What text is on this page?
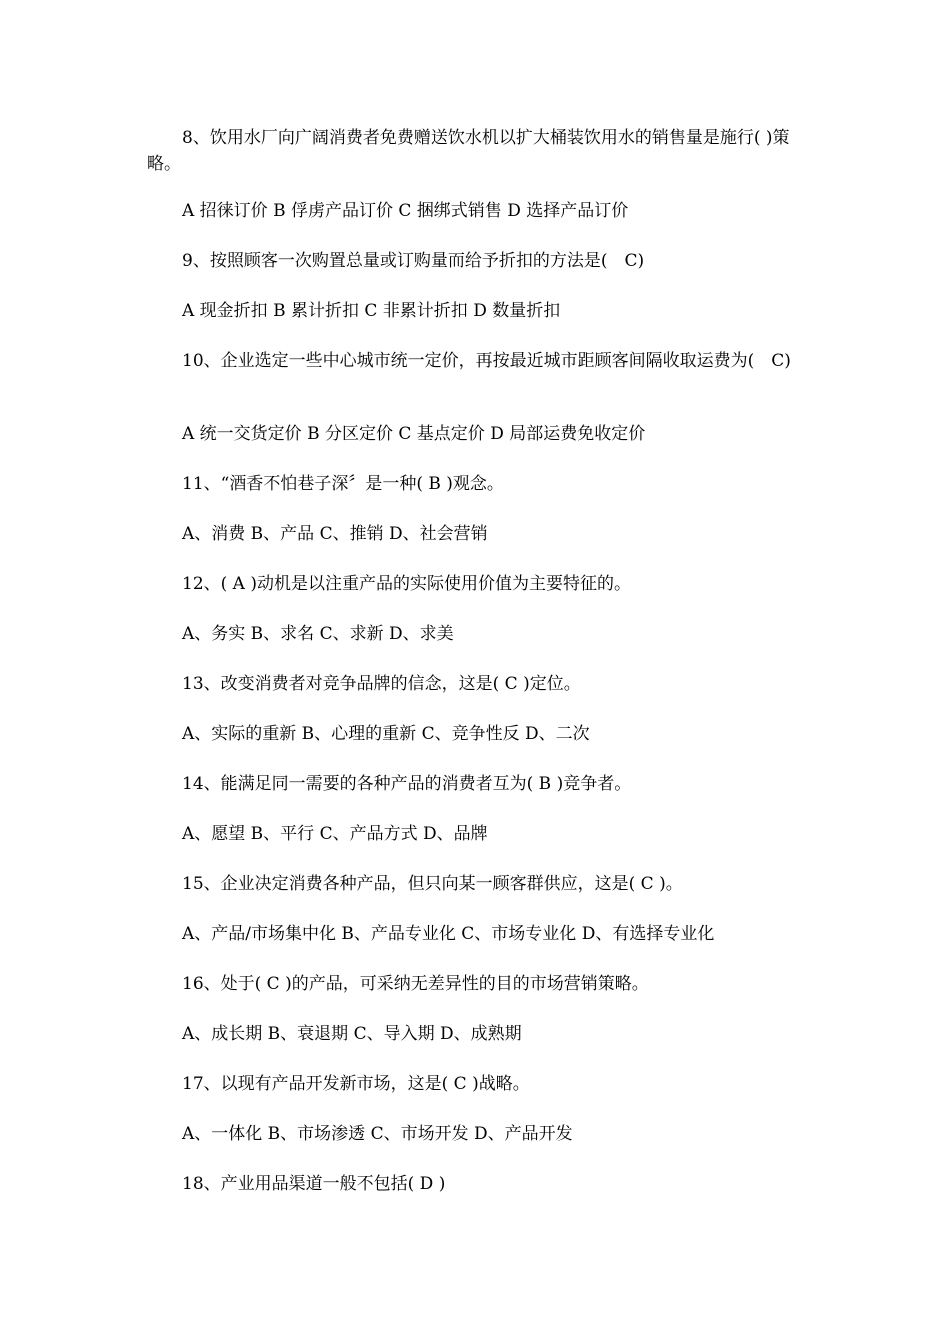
8、饮用水厂向广阔消费者免费赠送饮水机以扩大桶装饮用水的销售量是施行( )策略。

A 招徕订价 B 俘虏产品订价 C 捆绑式销售 D 选择产品订价

9、按照顾客一次购置总量或订购量而给予折扣的方法是(　C)

A 现金折扣 B 累计折扣 C 非累计折扣 D 数量折扣

10、企业选定一些中心城市统一定价，再按最近城市距顾客间隔收取运费为(　C)

A 统一交货定价 B 分区定价 C 基点定价 D 局部运费免收定价

11、“酒香不怕巷子深〞是一种( B )观念。

A、消费 B、产品 C、推销 D、社会营销

12、( A )动机是以注重产品的实际使用价值为主要特征的。

A、务实 B、求名 C、求新 D、求美

13、改变消费者对竞争品牌的信念，这是( C )定位。

A、实际的重新 B、心理的重新 C、竞争性反 D、二次

14、能满足同一需要的各种产品的消费者互为( B )竞争者。

A、愿望 B、平行 C、产品方式 D、品牌

15、企业决定消费各种产品，但只向某一顾客群供应，这是( C )。

A、产品/市场集中化 B、产品专业化 C、市场专业化 D、有选择专业化

16、处于( C )的产品，可采纳无差异性的目的市场营销策略。

A、成长期 B、衰退期 C、导入期 D、成熟期

17、以现有产品开发新市场，这是( C )战略。

A、一体化 B、市场渗透 C、市场开发 D、产品开发

18、产业用品渠道一般不包括( D )
